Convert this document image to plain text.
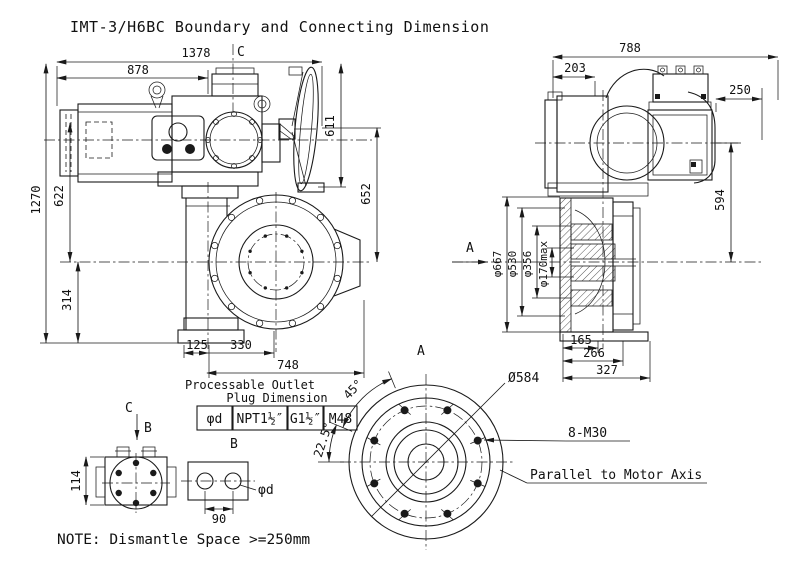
IMT-3/H6BC Boundary and Connecting Dimension
1378 C
878
1270 622
314
611
652
125 330
748
Processable Outlet
Plug Dimension
φd NPT1½″ G1½″ M48
C
B
114
B
φd
90
NOTE: Dismantle Space >=250mm
788
203
250
594
φ667 φ530 φ356 φ170max
A
165
266
327
A
Ø584
45°
22.5°	8-M30
Parallel to Motor Axis
